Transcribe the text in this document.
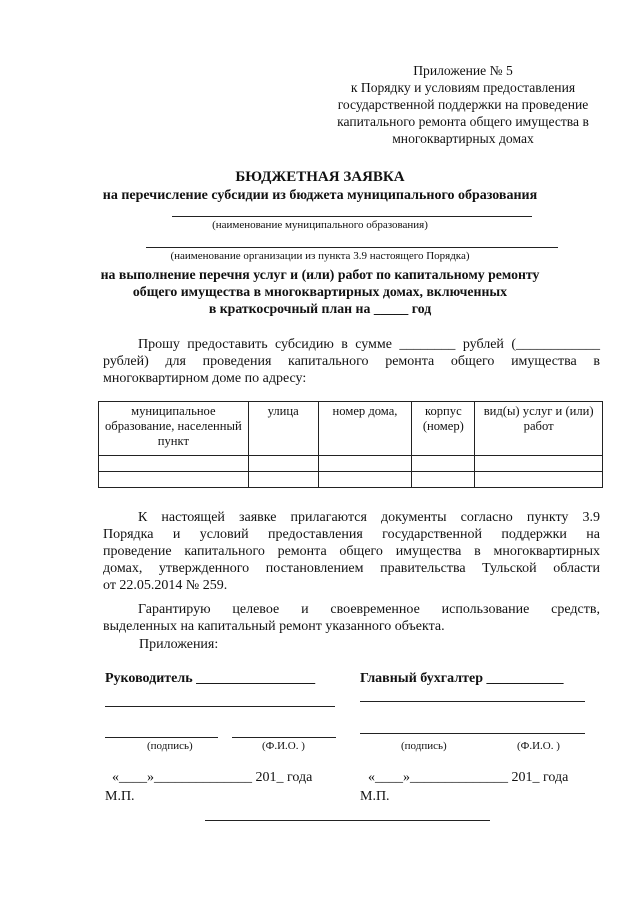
Приложение № 5
к Порядку и условиям предоставления
государственной поддержки на проведение
капитального ремонта общего имущества в
многоквартирных домах
БЮДЖЕТНАЯ ЗАЯВКА
на перечисление субсидии из бюджета муниципального образования
(наименование муниципального образования)
(наименование организации из пункта 3.9 настоящего Порядка)
на выполнение перечня услуг и (или) работ по капитальному ремонту
общего имущества в многоквартирных домах, включенных
в краткосрочный план на _____ год
Прошу предоставить субсидию в сумме ________ рублей (____________
рублей) для проведения капитального ремонта общего имущества в
многоквартирном доме по адресу:
муниципальное образование, населенный пункт	улица	номер дома,	корпус (номер)	вид(ы) услуг и (или) работ

К настоящей заявке прилагаются документы согласно пункту 3.9
Порядка и условий предоставления государственной поддержки на
проведение капитального ремонта общего имущества в многоквартирных
домах, утвержденного постановлением правительства Тульской области
от 22.05.2014 № 259.
Гарантирую целевое и своевременное использование средств,
выделенных на капитальный ремонт указанного объекта.
Приложения:
Руководитель _________________
(подпись)	(Ф.И.О. )
«____»______________ 201_ года
М.П.
Главный бухгалтер ___________
(подпись)	(Ф.И.О. )
«____»______________ 201_ года
М.П.
